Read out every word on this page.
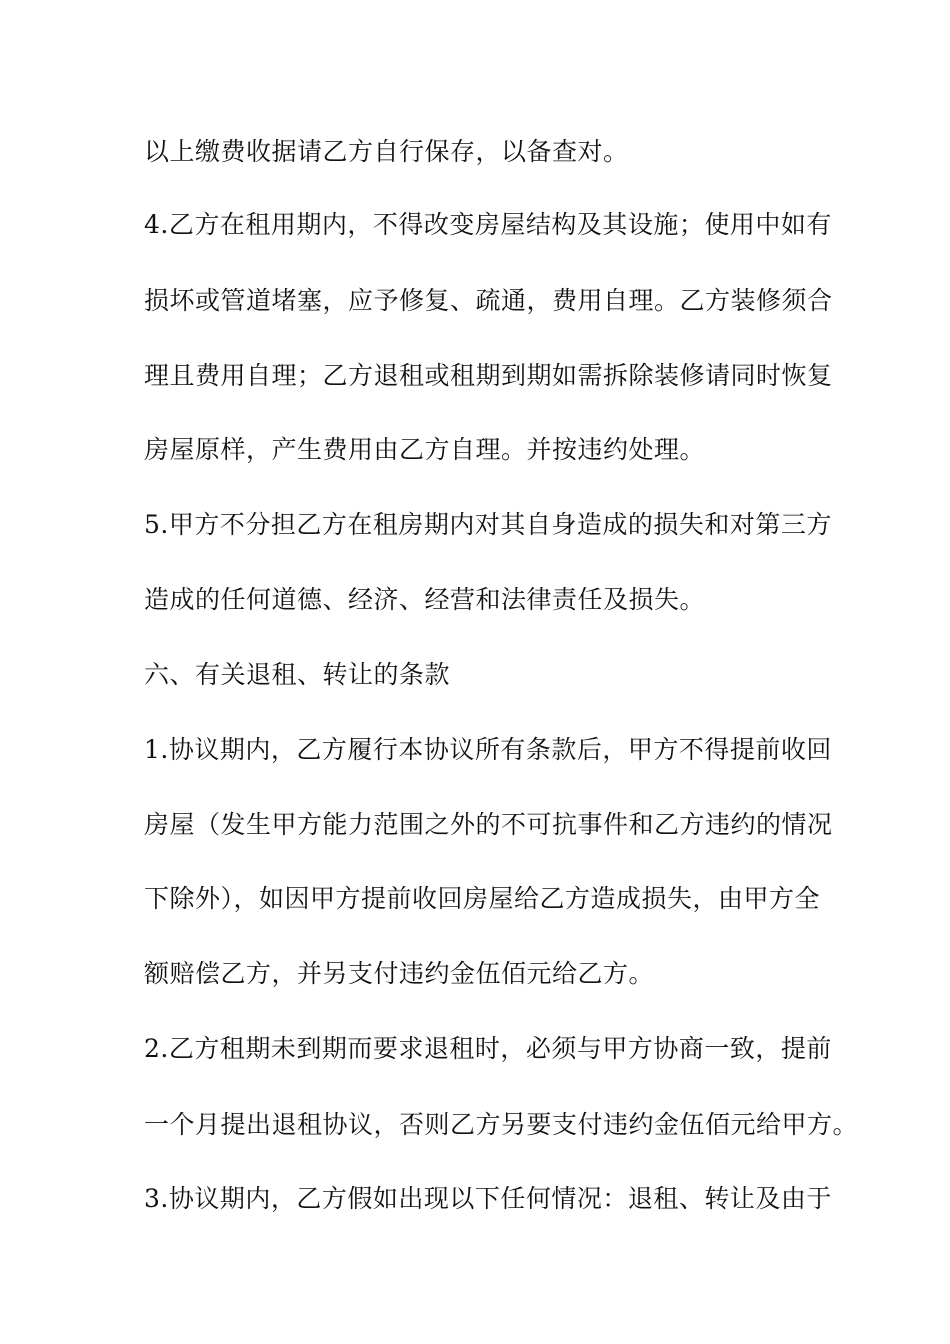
以上缴费收据请乙方自行保存，以备查对。
4.乙方在租用期内，不得改变房屋结构及其设施；使用中如有
损坏或管道堵塞，应予修复、疏通，费用自理。乙方装修须合
理且费用自理；乙方退租或租期到期如需拆除装修请同时恢复
房屋原样，产生费用由乙方自理。并按违约处理。
5.甲方不分担乙方在租房期内对其自身造成的损失和对第三方
造成的任何道德、经济、经营和法律责任及损失。
六、有关退租、转让的条款
1.协议期内，乙方履行本协议所有条款后，甲方不得提前收回
房屋（发生甲方能力范围之外的不可抗事件和乙方违约的情况
下除外），如因甲方提前收回房屋给乙方造成损失，由甲方全
额赔偿乙方，并另支付违约金伍佰元给乙方。
2.乙方租期未到期而要求退租时，必须与甲方协商一致，提前
一个月提出退租协议，否则乙方另要支付违约金伍佰元给甲方。
3.协议期内，乙方假如出现以下任何情况：退租、转让及由于
